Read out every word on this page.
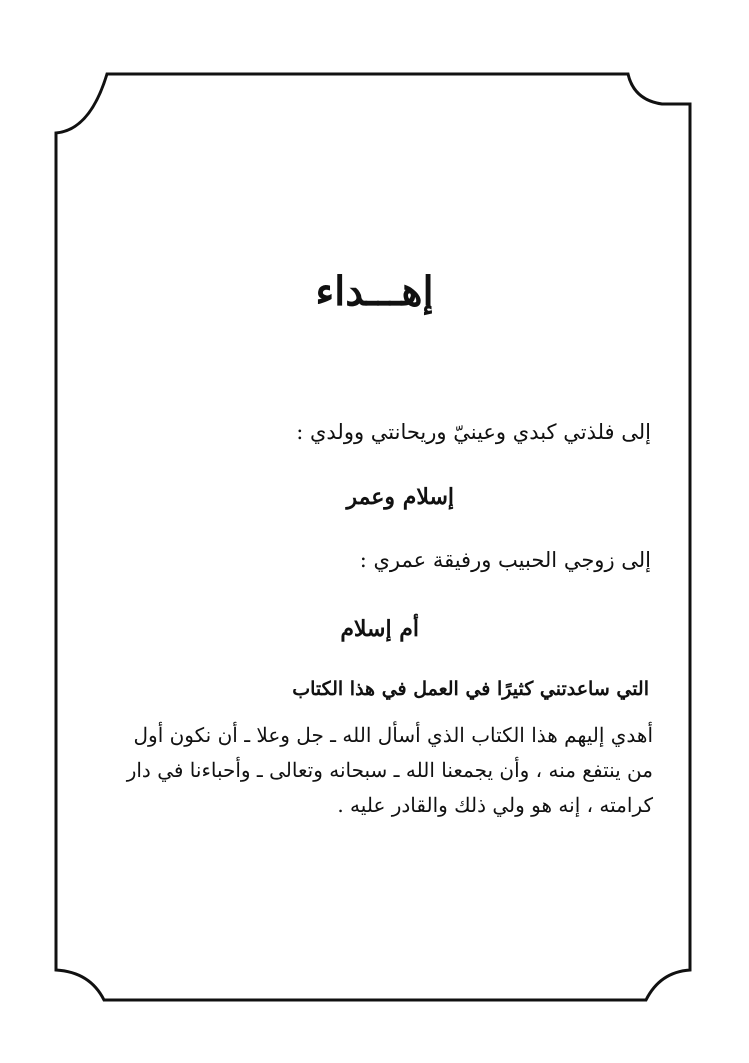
إهـــداء
إلى فلذتي كبدي وعينيّ وريحانتي وولدي :
إسلام وعمر
إلى زوجي الحبيب ورفيقة عمري :
أم إسلام
التي ساعدتني كثيرًا في العمل في هذا الكتاب
أهدي إليهم هذا الكتاب الذي أسأل الله ـ جل وعلا ـ أن نكون أول
من ينتفع منه ، وأن يجمعنا الله ـ سبحانه وتعالى ـ وأحباءنا في دار
كرامته ، إنه هو ولي ذلك والقادر عليه .
